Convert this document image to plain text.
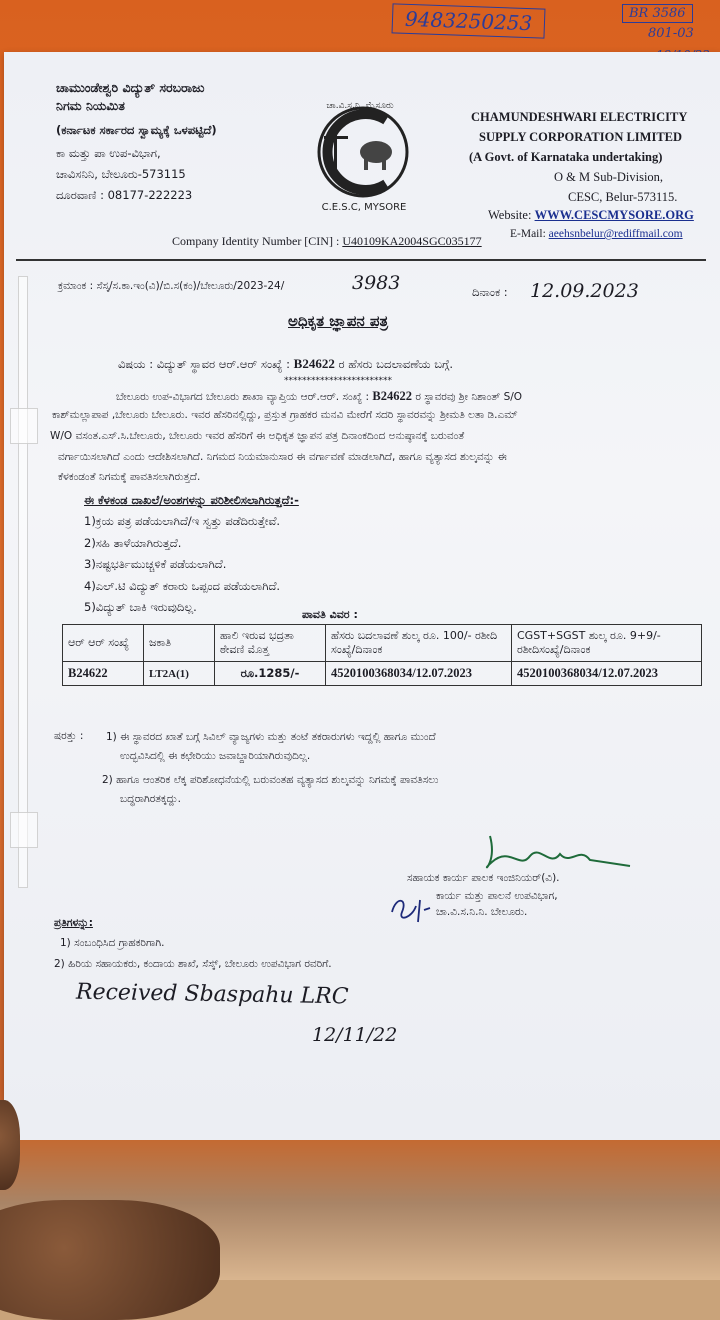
9483250253	BR 3586
801-03
ಚಾಮುಂಡೇಶ್ವರಿ ವಿದ್ಯುತ್ ಸರಬರಾಜು
ನಿಗಮ ನಿಯಮಿತ
(ಕರ್ನಾಟಕ ಸರ್ಕಾರದ ಸ್ವಾಮ್ಯಕ್ಕೆ ಒಳಪಟ್ಟಿದೆ)
ಕಾ ಮತ್ತು ಪಾ ಉಪ-ವಿಭಾಗ,
ಚಾವಿಸನಿನಿ, ಬೇಲೂರು-573115
ದೂರವಾಣಿ : 08177-222223
ಚಾ.ವಿ.ಸ.ನಿ. ಮೈಸೂರು
C.E.S.C, MYSORE
CHAMUNDESHWARI ELECTRICITY
SUPPLY CORPORATION LIMITED
(A Govt. of Karnataka undertaking)
O & M Sub-Division,
CESC, Belur-573115.
Website: WWW.CESCMYSORE.ORG
E-Mail: aeehsnbelur@rediffmail.com
Company Identity Number [CIN] : U40109KA2004SGC035177
ಕ್ರಮಾಂಕ : ಸೆಸ್ಕ/ಸ.ಕಾ.ಇಂ(ವಿ)/ಬಿ.ಸ(ಕಂ)/ಬೇಲೂರು/2023-24/	3983	ದಿನಾಂಕ : 12.09.2023
ಅಧಿಕೃತ ಜ್ಞಾಪನ ಪತ್ರ
ವಿಷಯ : ವಿದ್ಯುತ್ ಸ್ಥಾವರ ಆರ್.ಆರ್ ಸಂಖ್ಯೆ : B24622 ರ ಹೆಸರು ಬದಲಾವಣೆಯ ಬಗ್ಗೆ.
************************
ಬೇಲೂರು ಉಪ-ವಿಭಾಗದ ಬೇಲೂರು ಶಾಖಾ ವ್ಯಾಪ್ತಿಯ ಆರ್.ಆರ್. ಸಂಖ್ಯೆ : B24622 ರ ಸ್ಥಾವರವು ಶ್ರೀ ನಿಶಾಂತ್ S/O
ಕಾಶ್‌ಮಲ್ಲಾಪಾಪ ,ಬೇಲೂರು ಬೇಲೂರು. ಇವರ ಹೆಸರಿನಲ್ಲಿದ್ದು, ಪ್ರಸ್ತುತ ಗ್ರಾಹಕರ ಮನವಿ ಮೇರೆಗೆ ಸದರಿ ಸ್ಥಾವರವನ್ನು ಶ್ರೀಮತಿ ಲತಾ ಡಿ.ಎಮ್
W/O ವಸಂತ.ಎಸ್.ಸಿ.ಬೇಲೂರು, ಬೇಲೂರು ಇವರ ಹೆಸರಿಗೆ ಈ ಅಧಿಕೃತ ಜ್ಞಾಪನ ಪತ್ರ ದಿನಾಂಕದಿಂದ ಅನುಷ್ಠಾನಕ್ಕೆ ಬರುವಂತೆ
ವರ್ಗಾಯಿಸಲಾಗಿದೆ ಎಂದು ಆದೇಶಿಸಲಾಗಿದೆ. ನಿಗಮದ ನಿಯಮಾನುಸಾರ ಈ ವರ್ಗಾವಣೆ ಮಾಡಲಾಗಿದೆ, ಹಾಗೂ ವ್ಯತ್ಯಾಸದ ಶುಲ್ಕವನ್ನು ಈ
ಕೆಳಕಂಡಂತೆ ನಿಗಮಕ್ಕೆ ಪಾವತಿಸಲಾಗಿರುತ್ತದೆ.
ಈ ಕೆಳಕಂಡ ದಾಖಲೆ/ಅಂಶಗಳನ್ನು ಪರಿಶೀಲಿಸಲಾಗಿರುತ್ತದೆ:-
1)ಕ್ರಯ ಪತ್ರ ಪಡೆಯಲಾಗಿದೆ/ಇ ಸ್ವತ್ತು ಪಡೆದಿರುತ್ತೇವೆ.
2)ಸಹಿ ತಾಳೆಯಾಗಿರುತ್ತದೆ.
3)ನಷ್ಟಭರ್ತಿಮುಚ್ಚಳಿಕೆ ಪಡೆಯಲಾಗಿದೆ.
4)ಎಲ್.ಟಿ ವಿದ್ಯುತ್ ಕರಾರು ಒಪ್ಪಂದ ಪಡೆಯಲಾಗಿದೆ.
5)ವಿದ್ಯುತ್ ಬಾಕಿ ಇರುವುದಿಲ್ಲ.
ಪಾವತಿ ವಿವರ :
ಆರ್ ಆರ್ ಸಂಖ್ಯೆ	ಜಕಾತಿ	ಹಾಲಿ ಇರುವ ಭದ್ರತಾ ಠೇವಣಿ ಮೊತ್ತ	ಹೆಸರು ಬದಲಾವಣೆ ಶುಲ್ಕ ರೂ. 100/- ರಶೀದಿ ಸಂಖ್ಯೆ/ದಿನಾಂಕ	CGST+SGST ಶುಲ್ಕ ರೂ. 9+9/- ರಶೀದಿಸಂಖ್ಯೆ/ದಿನಾಂಕ
B24622	LT2A(1)	ರೂ.1285/-	4520100368034/12.07.2023	4520100368034/12.07.2023
ಷರತ್ತು : 1) ಈ ಸ್ಥಾವರದ ಖಾತೆ ಬಗ್ಗೆ ಸಿವಿಲ್ ವ್ಯಾಜ್ಯಗಳು ಮತ್ತು ತಂಟೆ ತಕರಾರುಗಳು ಇದ್ದಲ್ಲಿ ಹಾಗೂ ಮುಂದೆ
ಉದ್ಭವಿಸಿದಲ್ಲಿ ಈ ಕಛೇರಿಯು ಜವಾಬ್ದಾರಿಯಾಗಿರುವುದಿಲ್ಲ.
2) ಹಾಗೂ ಆಂತರಿಕ ಲೆಕ್ಕ ಪರಿಶೋಧನೆಯಲ್ಲಿ ಬರುವಂತಹ ವ್ಯತ್ಯಾಸದ ಶುಲ್ಕವನ್ನು ನಿಗಮಕ್ಕೆ ಪಾವತಿಸಲು
ಬದ್ಧರಾಗಿರತಕ್ಕದ್ದು.
ಸಹಾಯಕ ಕಾರ್ಯ ಪಾಲಕ ಇಂಜಿನಿಯರ್(ವಿ).
ಕಾರ್ಯ ಮತ್ತು ಪಾಲನೆ ಉಪವಿಭಾಗ,
ಚಾ.ವಿ.ಸ.ನಿ.ನಿ. ಬೇಲೂರು.
ಪ್ರತಿಗಳನ್ನು:
1) ಸಂಬಂಧಿಸಿದ ಗ್ರಾಹಕರಿಗಾಗಿ.
2) ಹಿರಿಯ ಸಹಾಯಕರು, ಕಂದಾಯ ಶಾಖೆ, ಸೆಸ್ಕ್, ಬೇಲೂರು ಉಪವಿಭಾಗ ರವರಿಗೆ.
Received Sbaspahu LRC
12/11/22
